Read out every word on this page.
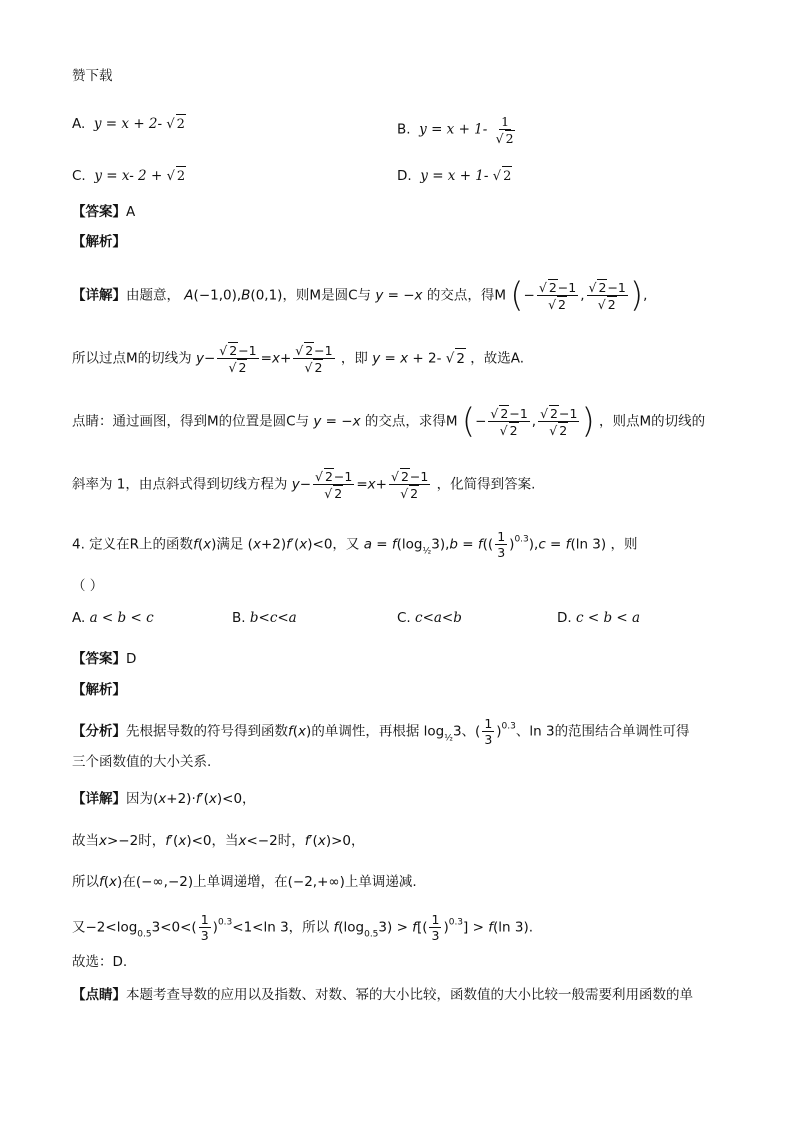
赞下载
A. y = x + 2- √ 2	B. $y = x + 1- \frac{1}{√ 2}$
C. y = x- 2 + √ 2	D. y = x + 1- √ 2
【答案】A
【解析】
【详解】由题意， A(−1,0),B(0,1)，则M是圆C与 y = −x 的交点，得M (− $\frac{√ 2-1}{√ 2}$ , $\frac{√ 2-1}{√ 2}$ ),
所以过点M的切线为 $y- \frac{√ 2-1}{√ 2} =x+ \frac{√ 2-1}{√ 2}$ ，即 y = x + 2- √ 2 ，故选A.
点睛：通过画图，得到M的位置是圆C与 y = −x 的交点，求得M (− $\frac{√ 2-1}{√ 2}$ , $\frac{√ 2-1}{√ 2}$ ) ，则点M的切线的
斜率为 1，由点斜式得到切线方程为 $y- \frac{√ 2-1}{√ 2} =x+ \frac{√ 2-1}{√ 2}$ ，化简得到答案.
4. 定义在R上的函数f(x)满足 (x+2)f′(x)<0，又 $a = f(\log_{\frac{1}{2}}3),b = f(( \frac{1}{3} )^{0.3}),c = f(\ln$ 3) ，则
（ ）
A. a < b < c	B. b<c<a	C. c<a<b	D. c < b < a
【答案】D
【解析】
【分析】先根据导数的符号得到函数f(x)的单调性，再根据 $\log_{\frac{1}{2}}3$、( $\frac{1}{3} )^{0.3}$、ln 3的范围结合单调性可得
三个函数值的大小关系.
【详解】因为(x+2)·f′(x)<0，
故当x>−2时，f′(x)<0，当x<−2时，f′(x)>0，
所以f(x)在(−∞,−2)上单调递增，在(−2,+∞)上单调递减.
又$-2<\log_{0.5}3<0<( \frac{1}{3} )^{0.3}<1<\ln$ 3，所以 $f(\log_{0.5}3) > f[( \frac{1}{3} )^{0.3}] > f(\ln$ 3).
故选：D.
【点睛】本题考查导数的应用以及指数、对数、幂的大小比较，函数值的大小比较一般需要利用函数的单
